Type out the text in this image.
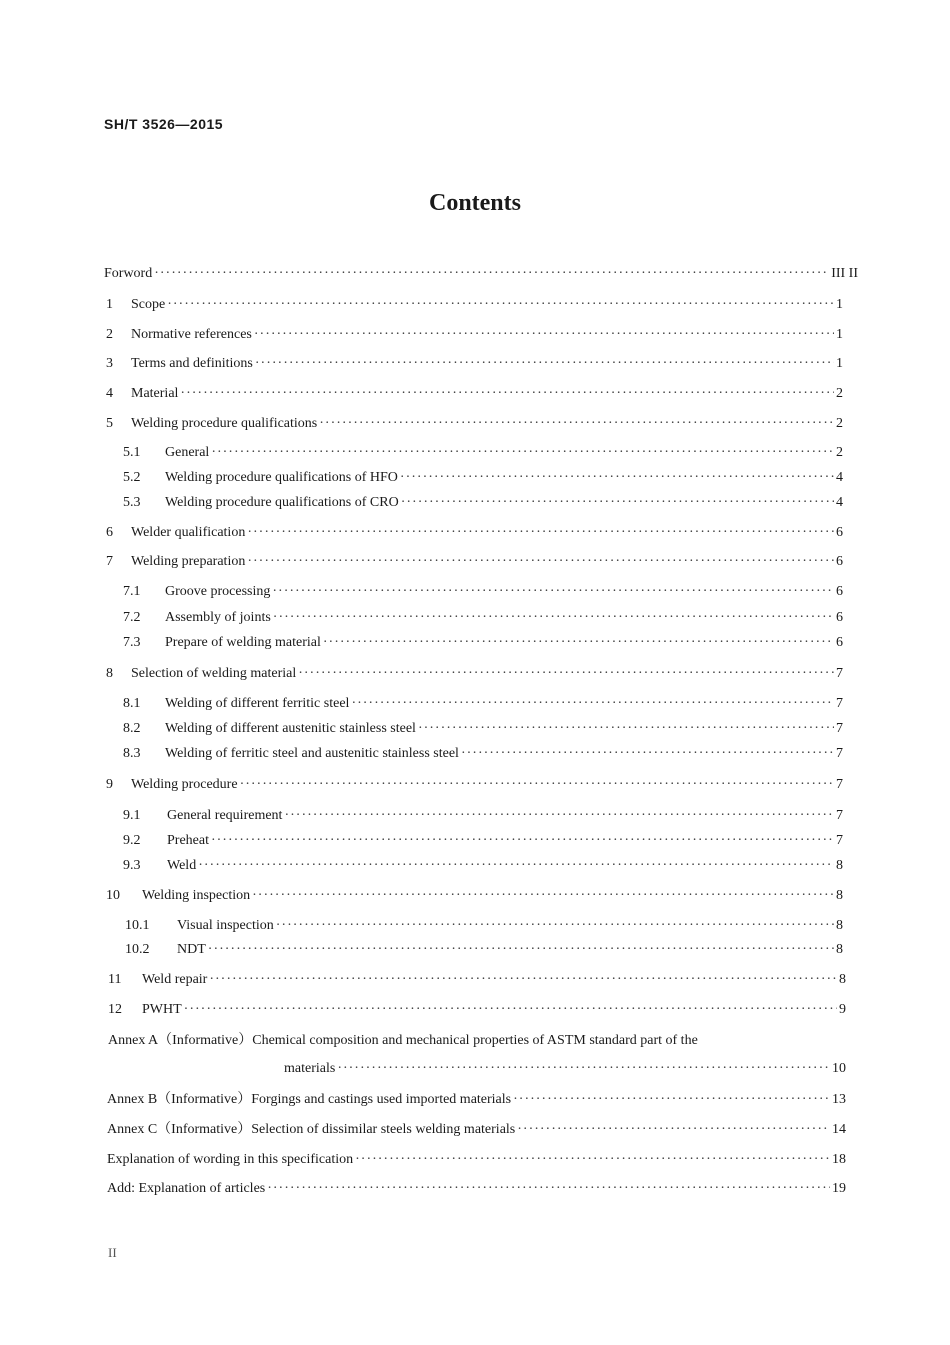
SH/T 3526—2015
Contents
Forword ·····	III II
1	Scope ·····	1
2	Normative references ·····	1
3	Terms and definitions ·····	1
4	Material ·····	2
5	Welding procedure qualifications ·····	2
5.1	General ·····	2
5.2	Welding procedure qualifications of HFO ·····	4
5.3	Welding procedure qualifications of CRO ·····	4
6	Welder qualification ·····	6
7	Welding preparation ·····	6
7.1	Groove processing ·····	6
7.2	Assembly of joints ·····	6
7.3	Prepare of welding material ·····	6
8	Selection of welding material ·····	7
8.1	Welding of different ferritic steel ·····	7
8.2	Welding of different austenitic stainless steel ·····	7
8.3	Welding of ferritic steel and austenitic stainless steel ·····	7
9	Welding procedure ·····	7
9.1	General requirement ·····	7
9.2	Preheat ·····	7
9.3	Weld ·····	8
10	Welding inspection ·····	8
10.1	Visual inspection ·····	8
10.2	NDT ·····	8
11	Weld repair ·····	8
12	PWHT ·····	9
Annex A（Informative）Chemical composition and mechanical properties of ASTM standard part of the
materials ·····	10
Annex B（Informative）Forgings and castings used imported materials ·····	13
Annex C（Informative）Selection of dissimilar steels welding materials ·····	14
Explanation of wording in this specification ·····	18
Add: Explanation of articles ·····	19
II
